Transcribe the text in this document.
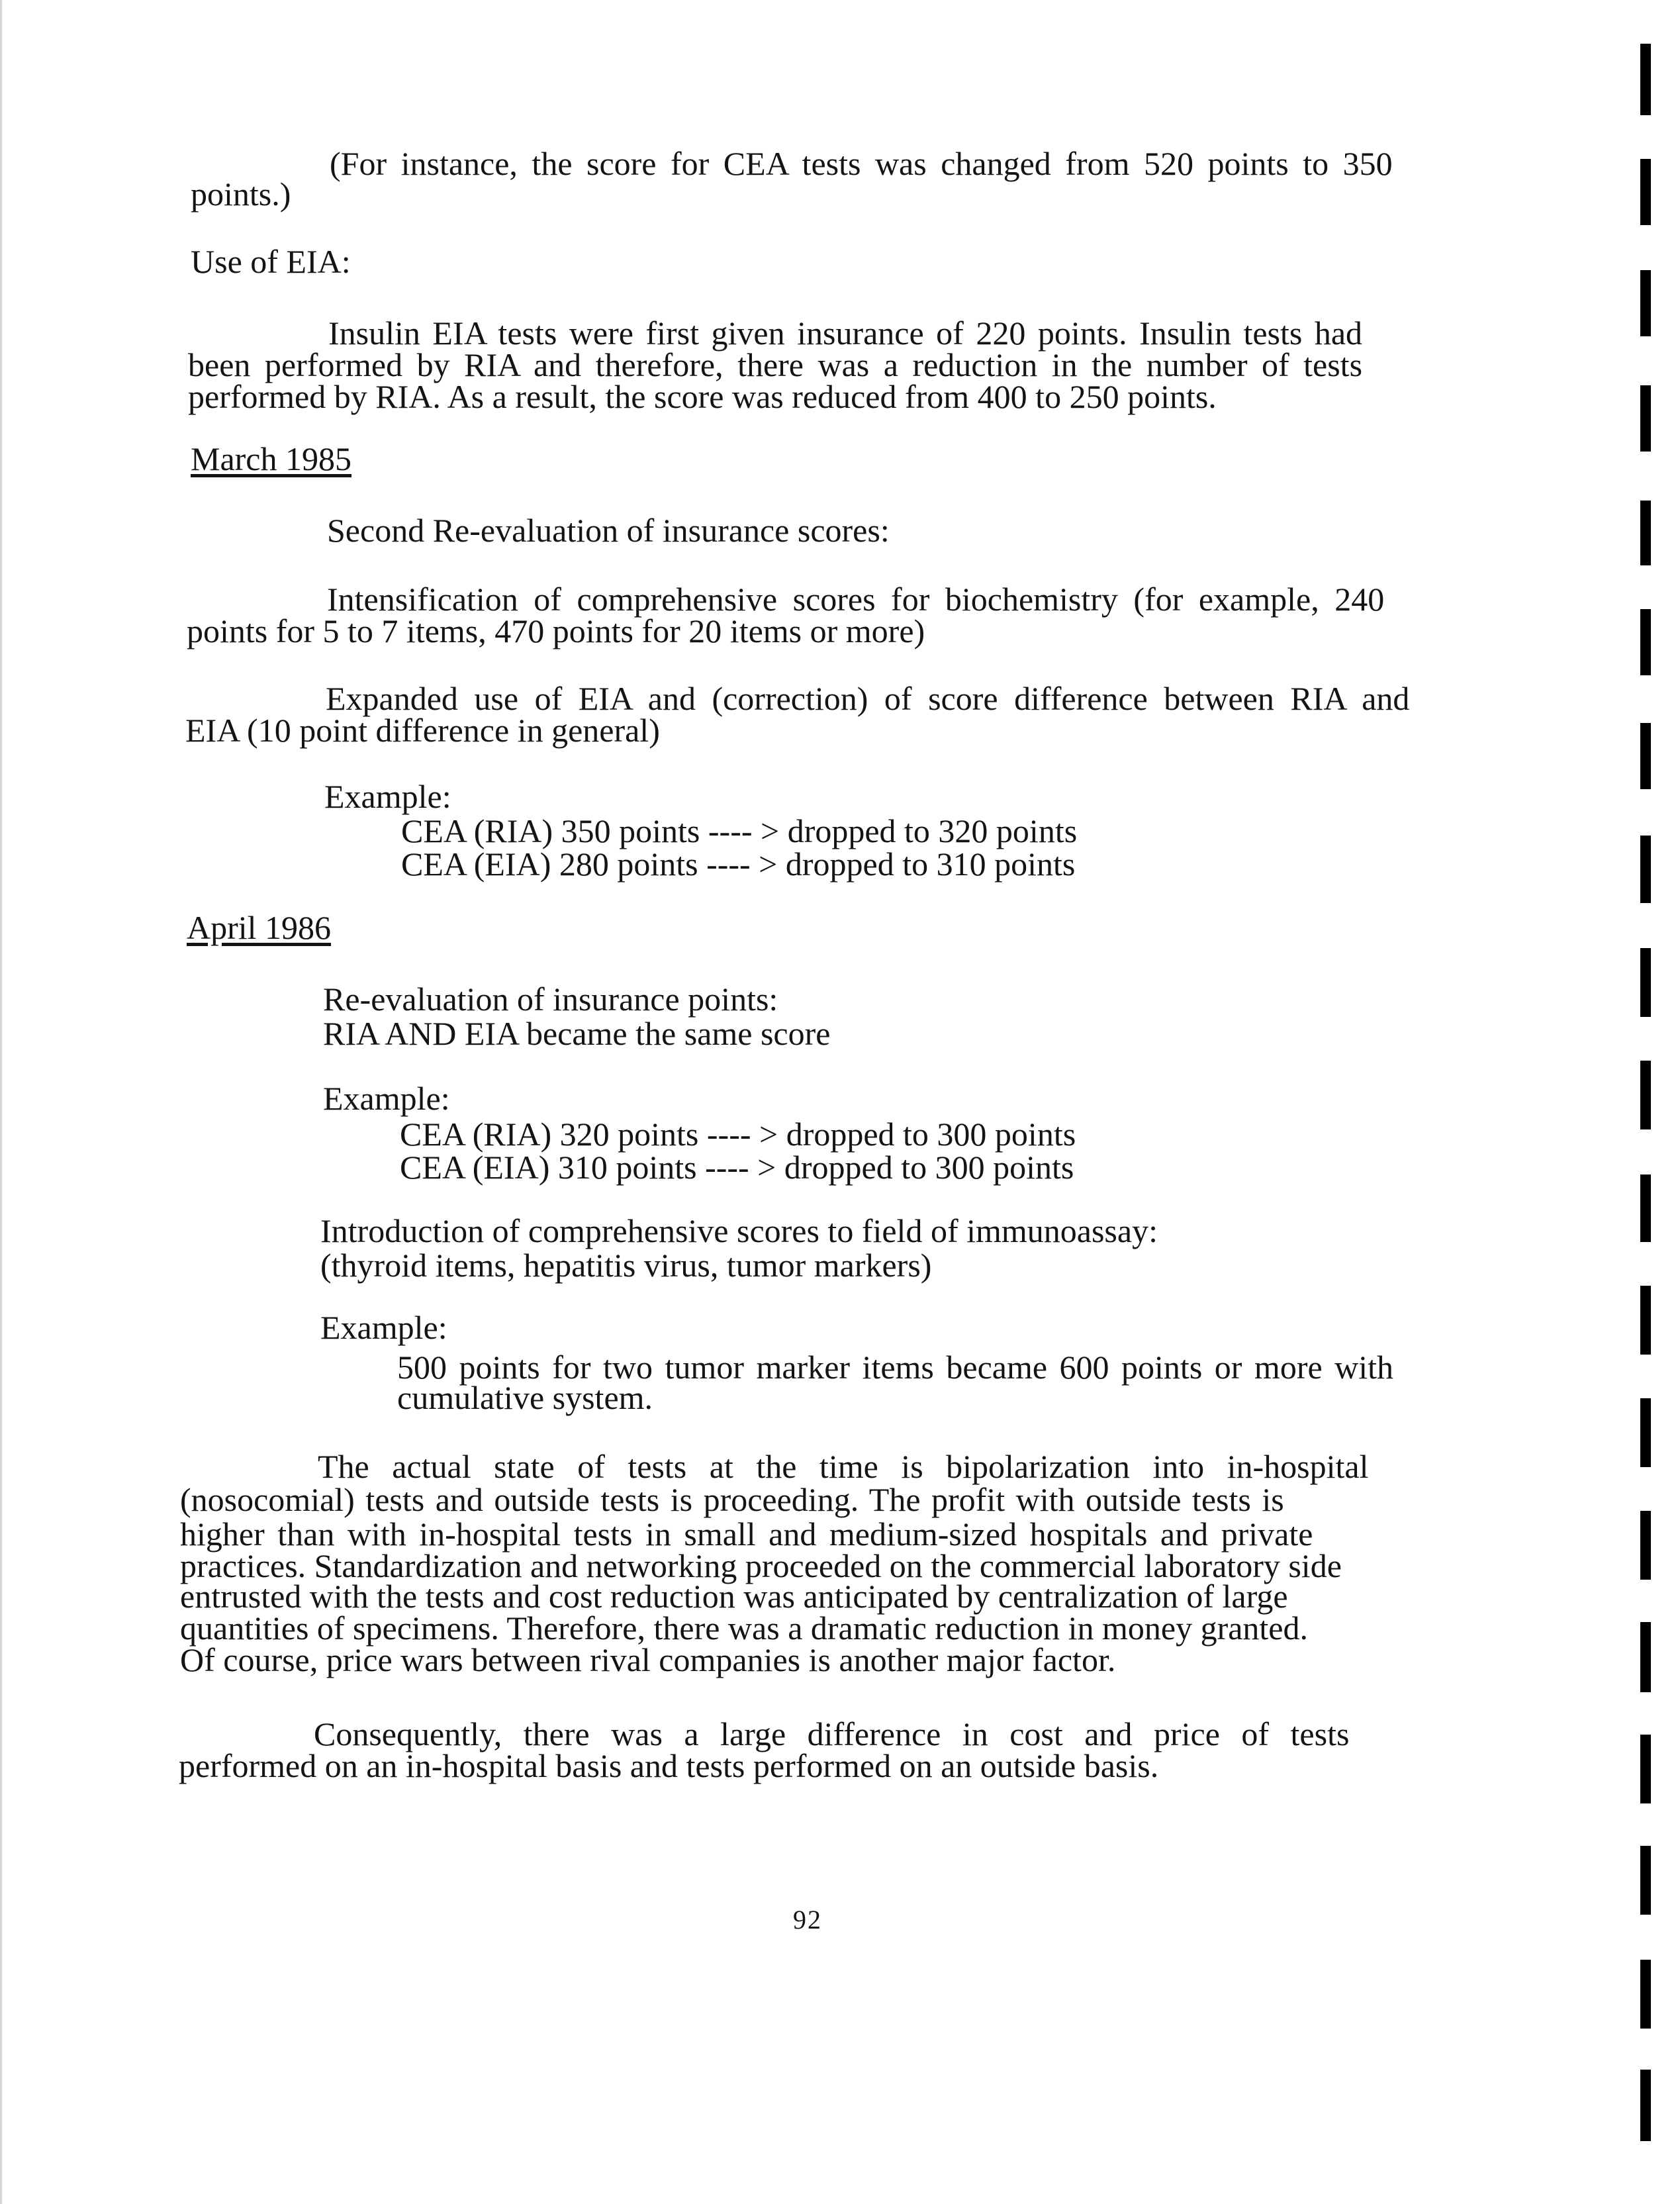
(For instance, the score for CEA tests was changed from 520 points to 350

points.)

Use of EIA:

Insulin EIA tests were first given insurance of 220 points. Insulin tests had

been performed by RIA and therefore, there was a reduction in the number of tests

performed by RIA. As a result, the score was reduced from 400 to 250 points.

March 1985

Second Re-evaluation of insurance scores:

Intensification of comprehensive scores for biochemistry (for example, 240

points for 5 to 7 items, 470 points for 20 items or more)

Expanded use of EIA and (correction) of score difference between RIA and

EIA (10 point difference in general)

Example:

CEA (RIA) 350 points ---- > dropped to 320 points

CEA (EIA) 280 points ---- > dropped to 310 points

April 1986

Re-evaluation of insurance points:

RIA AND EIA became the same score

Example:

CEA (RIA) 320 points ---- > dropped to 300 points

CEA (EIA) 310 points ---- > dropped to 300 points

Introduction of comprehensive scores to field of immunoassay:

(thyroid items, hepatitis virus, tumor markers)

Example:

500 points for two tumor marker items became 600 points or more with

cumulative system.

The actual state of tests at the time is bipolarization into in-hospital

(nosocomial) tests and outside tests is proceeding. The profit with outside tests is

higher than with in-hospital tests in small and medium-sized hospitals and private

practices. Standardization and networking proceeded on the commercial laboratory side

entrusted with the tests and cost reduction was anticipated by centralization of large

quantities of specimens. Therefore, there was a dramatic reduction in money granted.

Of course, price wars between rival companies is another major factor.

Consequently, there was a large difference in cost and price of tests

performed on an in-hospital basis and tests performed on an outside basis.

92
